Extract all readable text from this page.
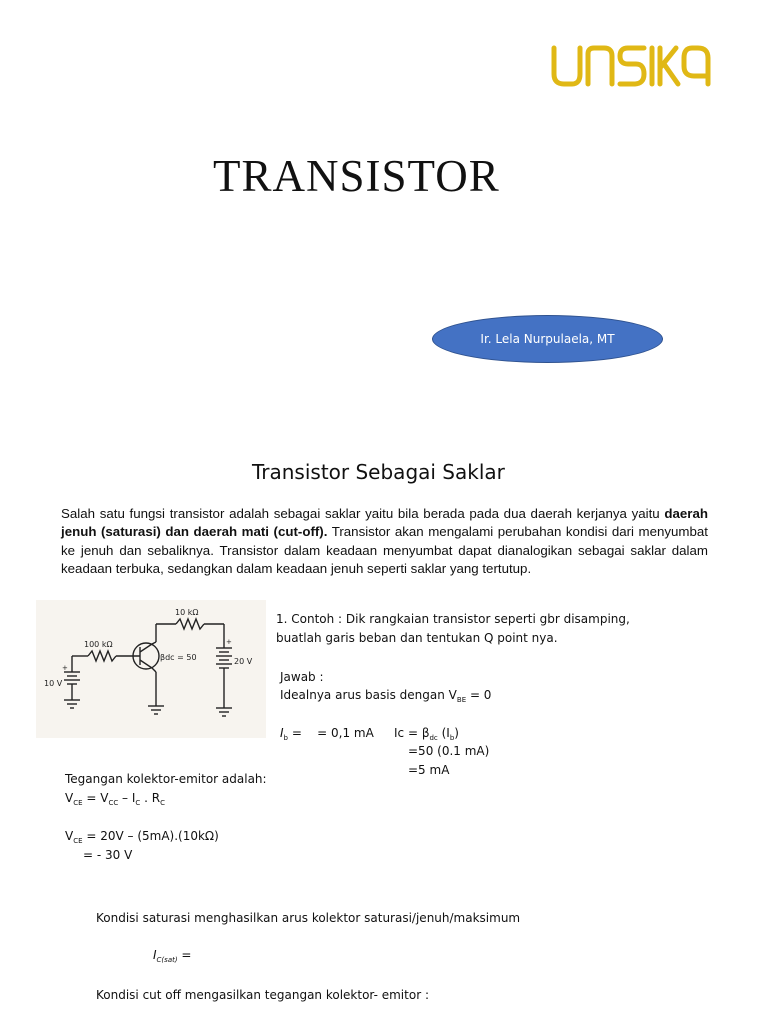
TRANSISTOR
Ir. Lela Nurpulaela, MT
Transistor Sebagai Saklar
Salah satu fungsi transistor adalah sebagai saklar yaitu bila berada pada dua daerah kerjanya yaitu daerah jenuh (saturasi) dan daerah mati (cut-off). Transistor akan mengalami perubahan kondisi dari menyumbat ke jenuh dan sebaliknya. Transistor dalam keadaan menyumbat dapat dianalogikan sebagai saklar dalam keadaan terbuka, sedangkan dalam keadaan jenuh seperti saklar yang tertutup.
10 kΩ
100 kΩ
βdc = 50
10 V
20 V
+
+
1. Contoh : Dik rangkaian transistor seperti gbr disamping,
buatlah garis beban dan tentukan Q point nya.
Jawab :
Idealnya arus basis dengan $V_{BE} = 0$
$I_b$ =    = 0,1 mA $Ic = \beta_{dc}$ $(I_b)$
=50 (0.1 mA)
=5 mA
Tegangan kolektor-emitor adalah:
$V_{CE} = V_{CC} - I_C$ . $R_C$
$V_{CE} = 20V - (5mA).(10k\Omega)$
= - 30 V
Kondisi saturasi menghasilkan arus kolektor saturasi/jenuh/maksimum
$I_{C(sat)}$ =
Kondisi cut off mengasilkan tegangan kolektor- emitor :
